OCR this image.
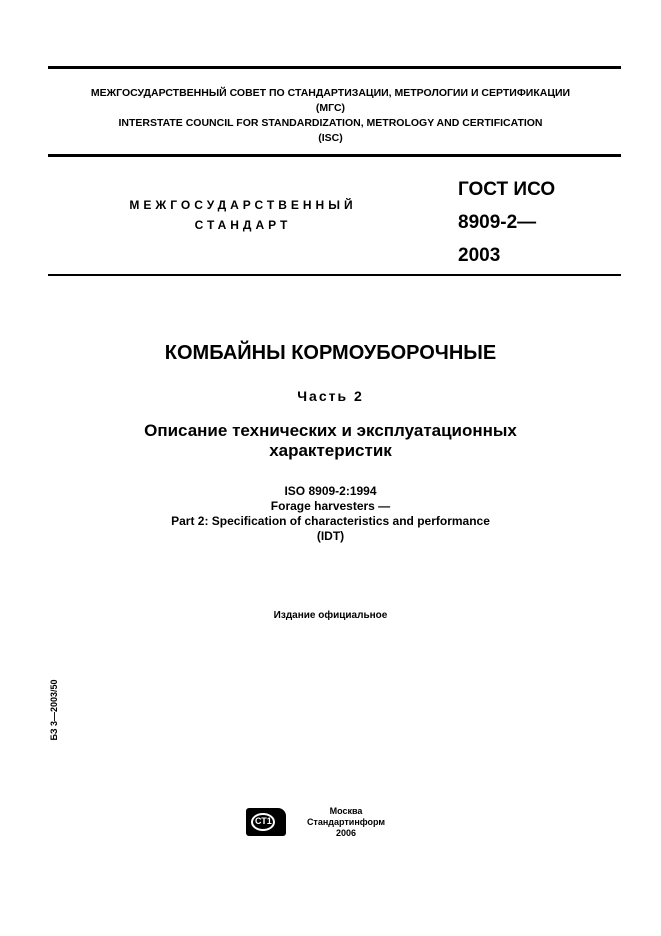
МЕЖГОСУДАРСТВЕННЫЙ СОВЕТ ПО СТАНДАРТИЗАЦИИ, МЕТРОЛОГИИ И СЕРТИФИКАЦИИ
(МГС)
INTERSTATE COUNCIL FOR STANDARDIZATION, METROLOGY AND CERTIFICATION
(ISC)
МЕЖГОСУДАРСТВЕННЫЙ
СТАНДАРТ
ГОСТ ИСО
8909-2—
2003
КОМБАЙНЫ КОРМОУБОРОЧНЫЕ
Часть 2
Описание технических и эксплуатационных
характеристик
ISO 8909-2:1994
Forage harvesters —
Part 2: Specification of characteristics and performance
(IDT)
Издание официальное
БЗ 3—2003/50
СТ1
Москва
Стандартинформ
2006
